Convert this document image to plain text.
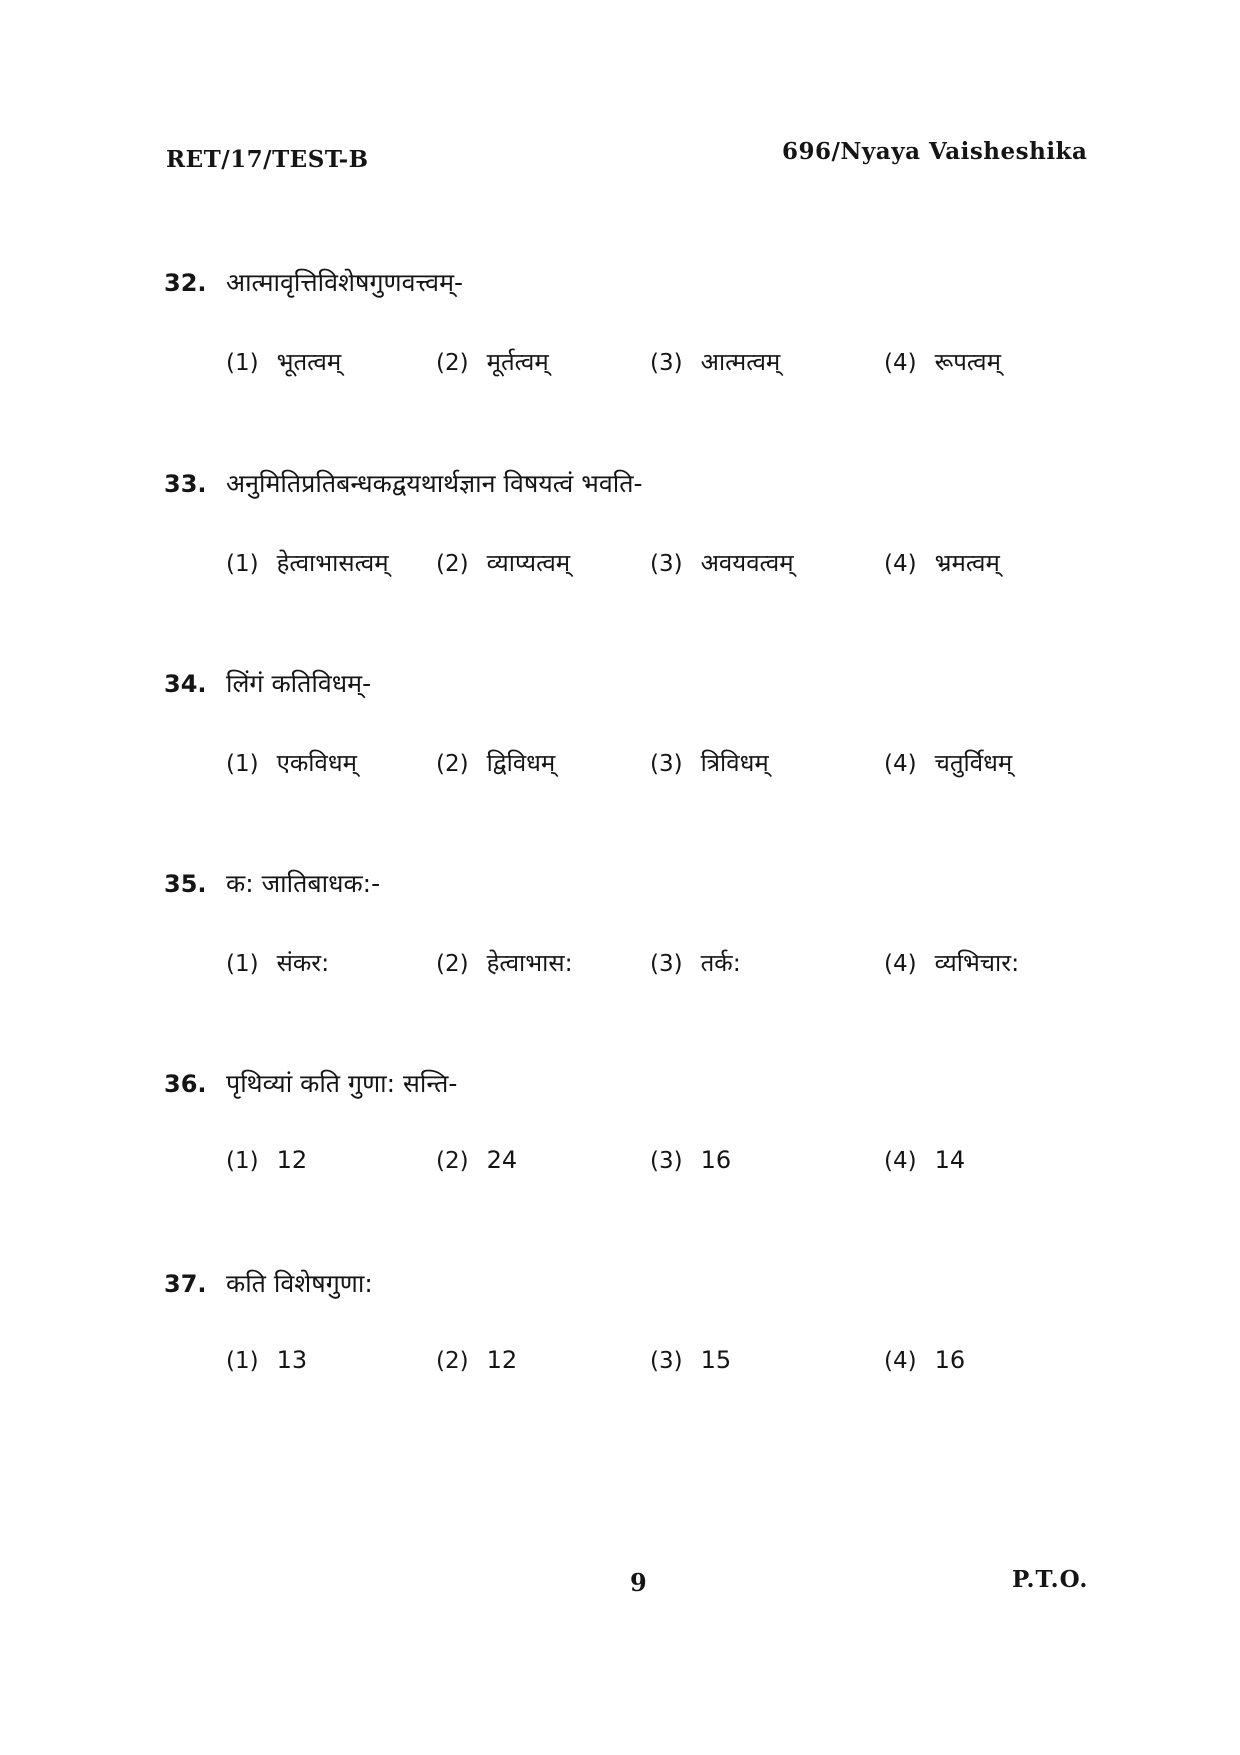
RET/17/TEST-B	696/Nyaya Vaisheshika
32. आत्मावृत्तिविशेषगुणवत्त्वम्-
(1) भूतत्वम्	(2) मूर्तत्वम्	(3) आत्मत्वम्	(4) रूपत्वम्
33. अनुमितिप्रतिबन्धकद्वयथार्थज्ञान विषयत्वं भवति-
(1) हेत्वाभासत्वम् (2) व्याप्यत्वम्	(3) अवयवत्वम्	(4) भ्रमत्वम्
34. लिंगं कतिविधम्-
(1) एकविधम्	(2) द्विविधम्	(3) त्रिविधम्	(4) चतुर्विधम्
35. क: जातिबाधक:-
(1) संकर:	(2) हेत्वाभास:	(3) तर्क:	(4) व्यभिचार:
36. पृथिव्यां कति गुणा: सन्ति-
(1) 12	(2) 24	(3) 16	(4) 14
37. कति विशेषगुणा:
(1) 13	(2) 12	(3) 15	(4) 16
9	P.T.O.
